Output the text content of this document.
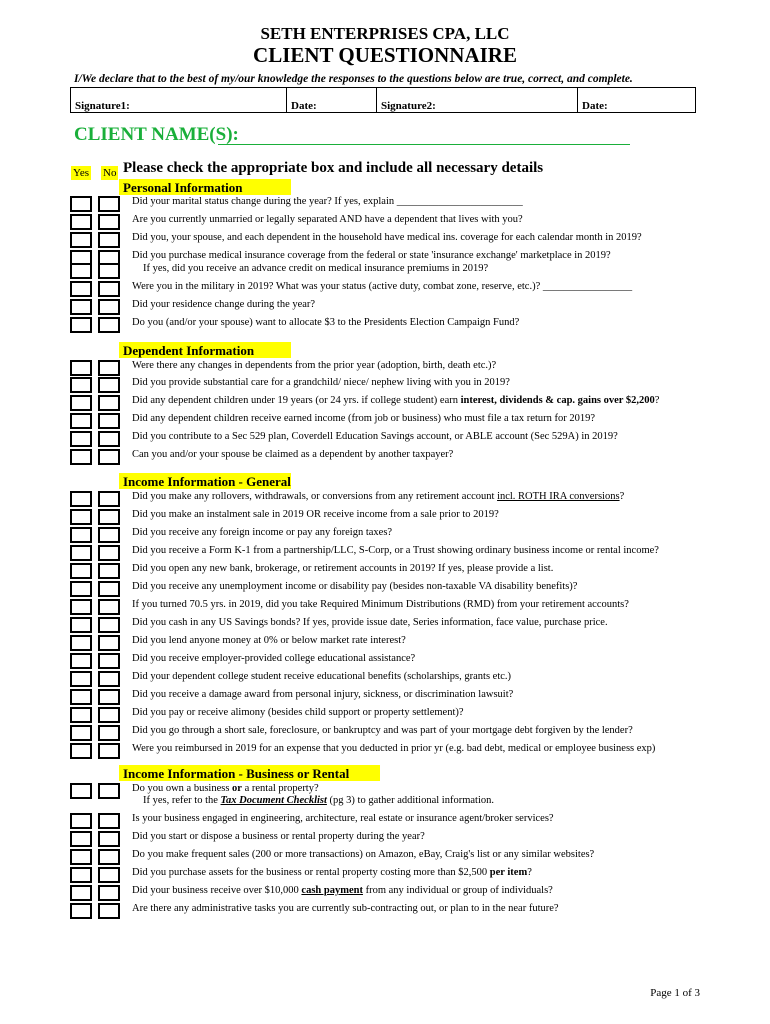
SETH ENTERPRISES CPA, LLC
CLIENT QUESTIONNAIRE
I/We declare that to the best of my/our knowledge the responses to the questions below are true, correct, and complete.
Signature1:	Date:	Signature2:	Date:
CLIENT NAME(S):
Yes No Please check the appropriate box and include all necessary details
Personal Information
Did your marital status change during the year? If yes, explain ________________________
Are you currently unmarried or legally separated AND have a dependent that lives with you?
Did you, your spouse, and each dependent in the household have medical ins. coverage for each calendar month in 2019?
Did you purchase medical insurance coverage from the federal or state 'insurance exchange' marketplace in 2019?
If yes, did you receive an advance credit on medical insurance premiums in 2019?
Were you in the military in 2019? What was your status (active duty, combat zone, reserve, etc.)? _________________
Did your residence change during the year?
Do you (and/or your spouse) want to allocate $3 to the Presidents Election Campaign Fund?
Dependent Information
Were there any changes in dependents from the prior year (adoption, birth, death etc.)?
Did you provide substantial care for a grandchild/ niece/ nephew living with you in 2019?
Did any dependent children under 19 years (or 24 yrs. if college student) earn interest, dividends & cap. gains over $2,200?
Did any dependent children receive earned income (from job or business) who must file a tax return for 2019?
Did you contribute to a Sec 529 plan, Coverdell Education Savings account, or ABLE account (Sec 529A) in 2019?
Can you and/or your spouse be claimed as a dependent by another taxpayer?
Income Information - General
Did you make any rollovers, withdrawals, or conversions from any retirement account incl. ROTH IRA conversions?
Did you make an instalment sale in 2019 OR receive income from a sale prior to 2019?
Did you receive any foreign income or pay any foreign taxes?
Did you receive a Form K-1 from a partnership/LLC, S-Corp, or a Trust showing ordinary business income or rental income?
Did you open any new bank, brokerage, or retirement accounts in 2019? If yes, please provide a list.
Did you receive any unemployment income or disability pay (besides non-taxable VA disability benefits)?
If you turned 70.5 yrs. in 2019, did you take Required Minimum Distributions (RMD) from your retirement accounts?
Did you cash in any US Savings bonds? If yes, provide issue date, Series information, face value, purchase price.
Did you lend anyone money at 0% or below market rate interest?
Did you receive employer-provided college educational assistance?
Did your dependent college student receive educational benefits (scholarships, grants etc.)
Did you receive a damage award from personal injury, sickness, or discrimination lawsuit?
Did you pay or receive alimony (besides child support or property settlement)?
Did you go through a short sale, foreclosure, or bankruptcy and was part of your mortgage debt forgiven by the lender?
Were you reimbursed in 2019 for an expense that you deducted in prior yr (e.g. bad debt, medical or employee business exp)
Income Information - Business or Rental
Do you own a business or a rental property?
If yes, refer to the Tax Document Checklist (pg 3) to gather additional information.
Is your business engaged in engineering, architecture, real estate or insurance agent/broker services?
Did you start or dispose a business or rental property during the year?
Do you make frequent sales (200 or more transactions) on Amazon, eBay, Craig's list or any similar websites?
Did you purchase assets for the business or rental property costing more than $2,500 per item?
Did your business receive over $10,000 cash payment from any individual or group of individuals?
Are there any administrative tasks you are currently sub-contracting out, or plan to in the near future?
Page 1 of 3
